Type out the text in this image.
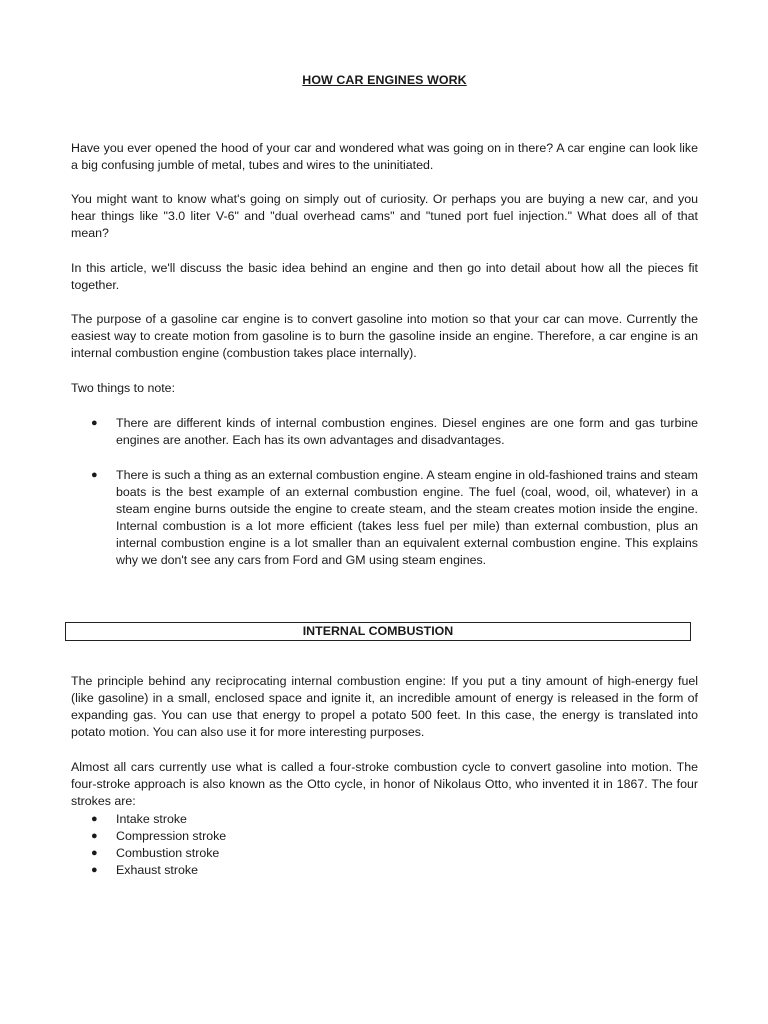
HOW CAR ENGINES WORK

Have you ever opened the hood of your car and wondered what was going on in there? A car engine can look like a big confusing jumble of metal, tubes and wires to the uninitiated.

You might want to know what's going on simply out of curiosity. Or perhaps you are buying a new car, and you hear things like "3.0 liter V-6" and "dual overhead cams" and "tuned port fuel injection." What does all of that mean?

In this article, we'll discuss the basic idea behind an engine and then go into detail about how all the pieces fit together.

The purpose of a gasoline car engine is to convert gasoline into motion so that your car can move. Currently the easiest way to create motion from gasoline is to burn the gasoline inside an engine. Therefore, a car engine is an internal combustion engine (combustion takes place internally).

Two things to note:

● There are different kinds of internal combustion engines. Diesel engines are one form and gas turbine engines are another. Each has its own advantages and disadvantages.
● There is such a thing as an external combustion engine. A steam engine in old-fashioned trains and steam boats is the best example of an external combustion engine. The fuel (coal, wood, oil, whatever) in a steam engine burns outside the engine to create steam, and the steam creates motion inside the engine. Internal combustion is a lot more efficient (takes less fuel per mile) than external combustion, plus an internal combustion engine is a lot smaller than an equivalent external combustion engine. This explains why we don't see any cars from Ford and GM using steam engines.

The principle behind any reciprocating internal combustion engine: If you put a tiny amount of high-energy fuel (like gasoline) in a small, enclosed space and ignite it, an incredible amount of energy is released in the form of expanding gas. You can use that energy to propel a potato 500 feet. In this case, the energy is translated into potato motion. You can also use it for more interesting purposes.

Almost all cars currently use what is called a four-stroke combustion cycle to convert gasoline into motion. The four-stroke approach is also known as the Otto cycle, in honor of Nikolaus Otto, who invented it in 1867. The four strokes are:

● Intake stroke
● Compression stroke
● Combustion stroke
● Exhaust stroke
INTERNAL COMBUSTION
